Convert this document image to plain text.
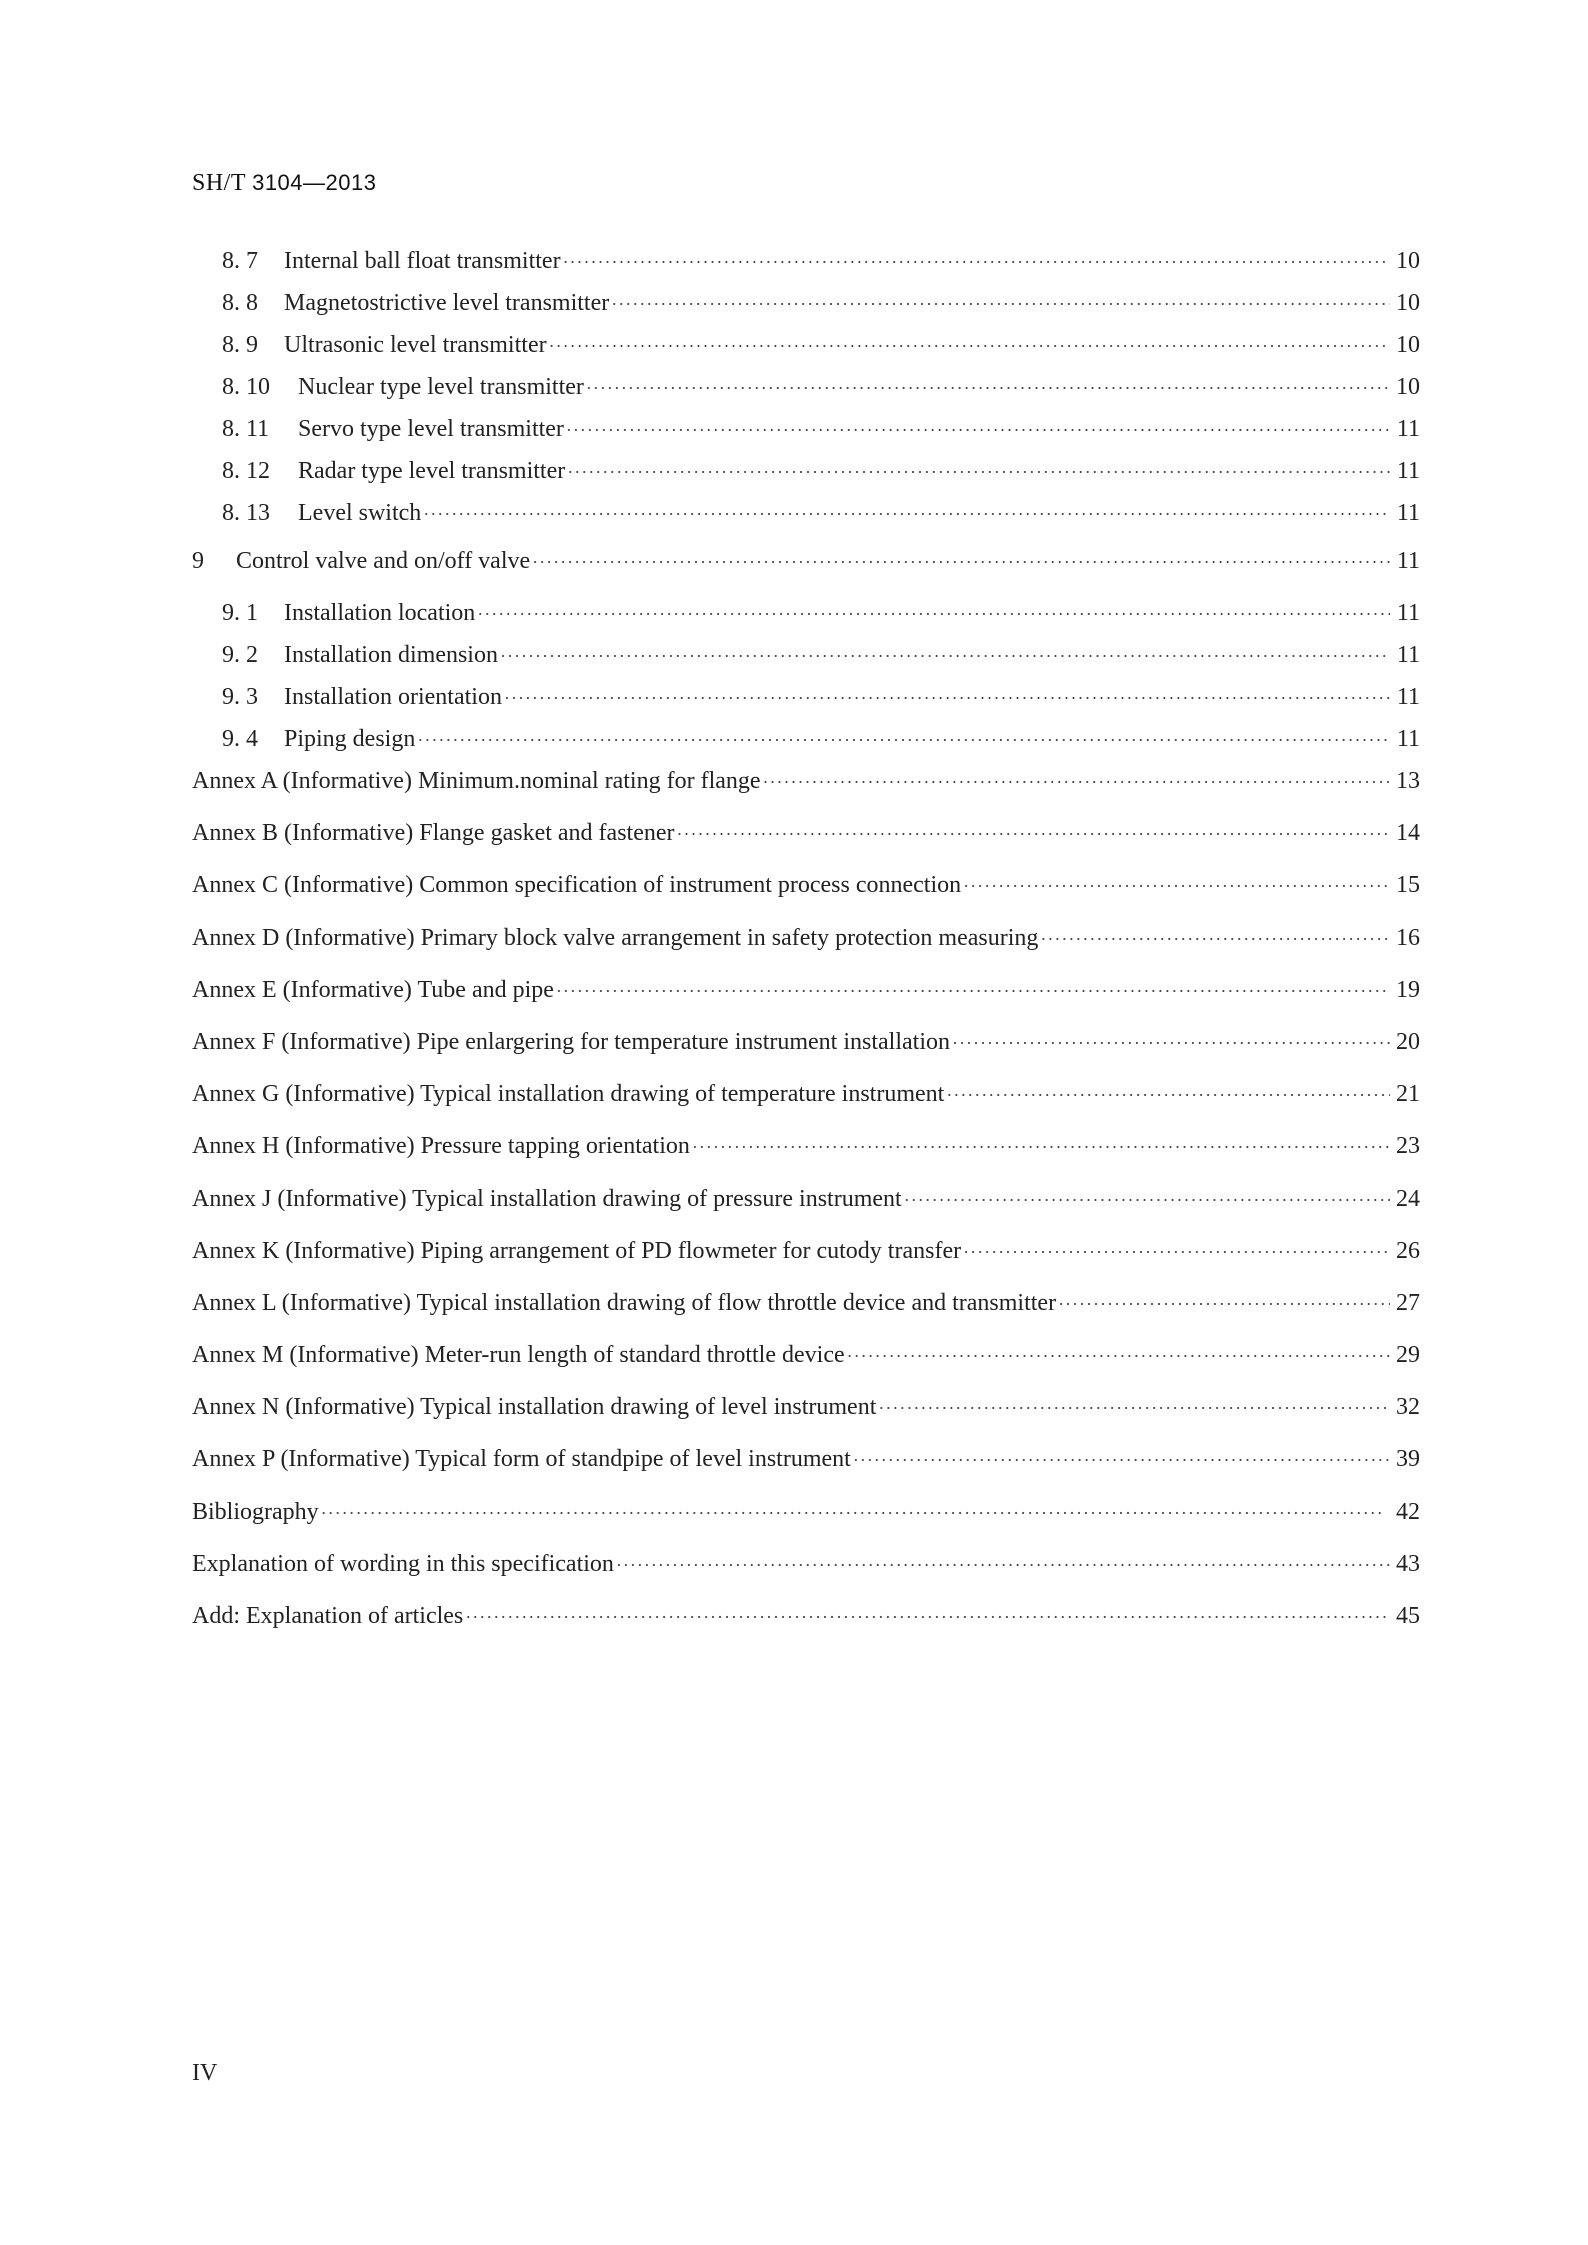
SH/T 3104—2013
8. 7	Internal ball float transmitter ·····	10
8. 8	Magnetostrictive level transmitter ·····	10
8. 9	Ultrasonic level transmitter ·····	10
8. 10	Nuclear type level transmitter ·····	10
8. 11	Servo type level transmitter ·····	11
8. 12	Radar type level transmitter ·····	11
8. 13	Level switch ·····	11
9	Control valve and on/off valve ·····	11
9. 1	Installation location ·····	11
9. 2	Installation dimension ·····	11
9. 3	Installation orientation ·····	11
9. 4	Piping design ·····	11
Annex A (Informative) Minimum.nominal rating for flange ·····	13
Annex B (Informative) Flange gasket and fastener ·····	14
Annex C (Informative) Common specification of instrument process connection ·····	15
Annex D (Informative) Primary block valve arrangement in safety protection measuring ·····	16
Annex E (Informative) Tube and pipe ·····	19
Annex F (Informative) Pipe enlargering for temperature instrument installation ·····	20
Annex G (Informative) Typical installation drawing of temperature instrument ·····	21
Annex H (Informative) Pressure tapping orientation ·····	23
Annex J (Informative) Typical installation drawing of pressure instrument ·····	24
Annex K (Informative) Piping arrangement of PD flowmeter for cutody transfer ·····	26
Annex L (Informative) Typical installation drawing of flow throttle device and transmitter ·····	27
Annex M (Informative) Meter-run length of standard throttle device ·····	29
Annex N (Informative) Typical installation drawing of level instrument ·····	32
Annex P (Informative) Typical form of standpipe of level instrument ·····	39
Bibliography ·····	42
Explanation of wording in this specification ·····	43
Add: Explanation of articles ·····	45
IV
